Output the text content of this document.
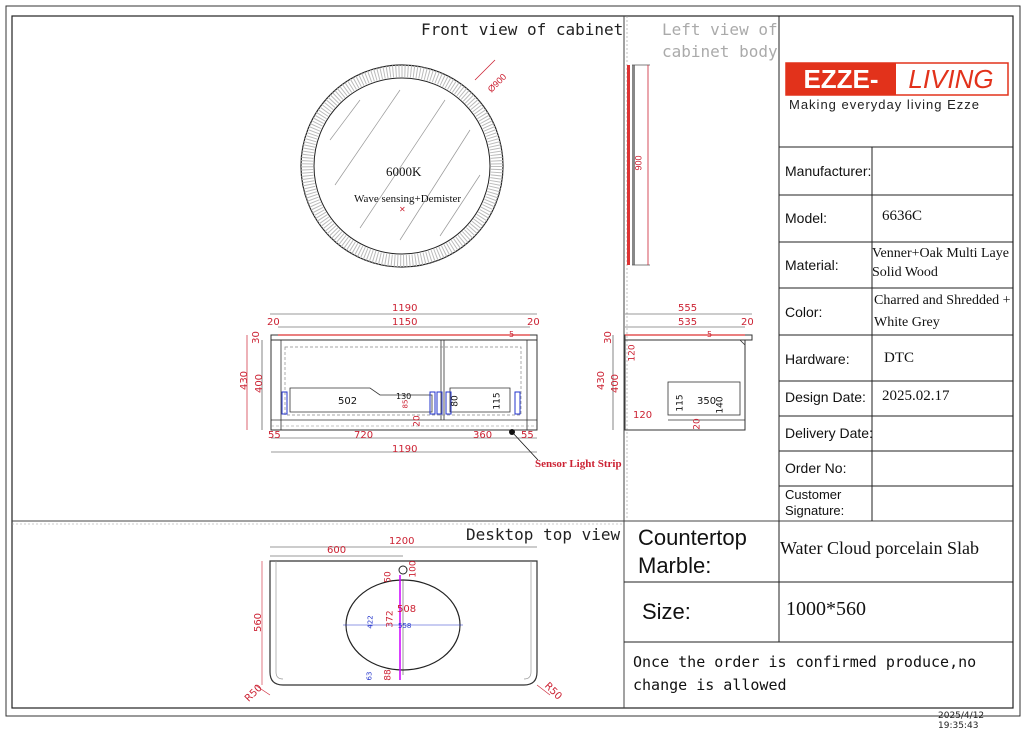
✕
Front view of cabinet Left view of
cabinet body
Desktop top view
EZZE- LIVING
Making everyday living Ezze
Manufacturer:
Model:	6636C
Material:
Venner+Oak Multi Laye Solid Wood
Color:
Charred and Shredded + White Grey
Hardware: DTC
Design Date: 2025.02.17
Delivery Date:
Order No:
Customer Signature:
Countertop
Marble:
Water Cloud porcelain Slab
Size:	1000*560
Once the order is confirmed produce,no
change is allowed
6000K
Wave sensing+Demister
Ø900
900
1190
1150
20	20
5
430 400
30
502	130
85	80	115
20
55	720	360	55
1190
Sensor Light Strip
555
535	20
5
30
430 400
120
115 350 140
120
20
1200
600
50 100
508
372
422	558
63 88
560
R50	R50
2025/4/12 19:35:43
